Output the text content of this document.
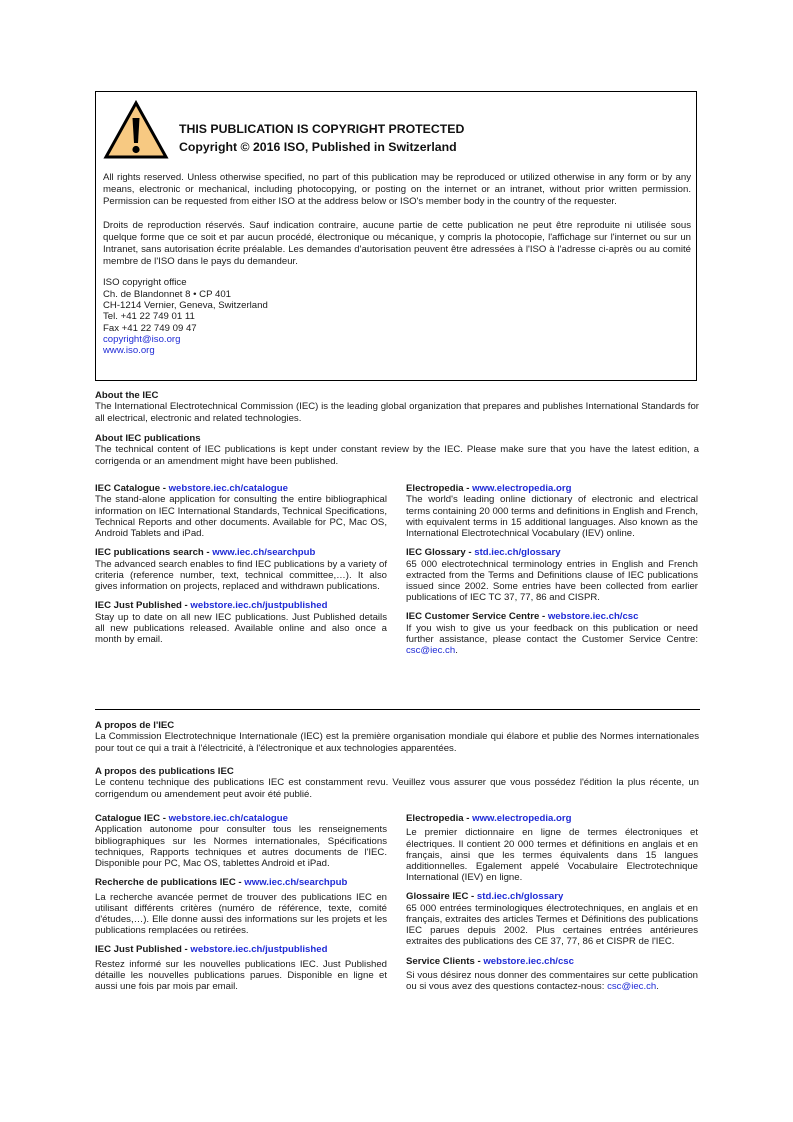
THIS PUBLICATION IS COPYRIGHT PROTECTED
Copyright © 2016 ISO, Published in Switzerland

All rights reserved. Unless otherwise specified, no part of this publication may be reproduced or utilized otherwise in any form or by any means, electronic or mechanical, including photocopying, or posting on the internet or an intranet, without prior written permission. Permission can be requested from either ISO at the address below or ISO's member body in the country of the requester.

Droits de reproduction réservés. Sauf indication contraire, aucune partie de cette publication ne peut être reproduite ni utilisée sous quelque forme que ce soit et par aucun procédé, électronique ou mécanique, y compris la photocopie, l'affichage sur l'internet ou sur un Intranet, sans autorisation écrite préalable. Les demandes d'autorisation peuvent être adressées à l'ISO à l'adresse ci-après ou au comité membre de l'ISO dans le pays du demandeur.

ISO copyright office
Ch. de Blandonnet 8 • CP 401
CH-1214 Vernier, Geneva, Switzerland
Tel. +41 22 749 01 11
Fax +41 22 749 09 47
copyright@iso.org
www.iso.org
About the IEC

The International Electrotechnical Commission (IEC) is the leading global organization that prepares and publishes International Standards for all electrical, electronic and related technologies.

About IEC publications

The technical content of IEC publications is kept under constant review by the IEC. Please make sure that you have the latest edition, a corrigenda or an amendment might have been published.

IEC Catalogue - webstore.iec.ch/catalogue

The stand-alone application for consulting the entire bibliographical information on IEC International Standards, Technical Specifications, Technical Reports and other documents. Available for PC, Mac OS, Android Tablets and iPad.

IEC publications search - www.iec.ch/searchpub

The advanced search enables to find IEC publications by a variety of criteria (reference number, text, technical committee,…). It also gives information on projects, replaced and withdrawn publications.

IEC Just Published - webstore.iec.ch/justpublished

Stay up to date on all new IEC publications. Just Published details all new publications released. Available online and also once a month by email.

Electropedia - www.electropedia.org

The world's leading online dictionary of electronic and electrical terms containing 20 000 terms and definitions in English and French, with equivalent terms in 15 additional languages. Also known as the International Electrotechnical Vocabulary (IEV) online.

IEC Glossary - std.iec.ch/glossary

65 000 electrotechnical terminology entries in English and French extracted from the Terms and Definitions clause of IEC publications issued since 2002. Some entries have been collected from earlier publications of IEC TC 37, 77, 86 and CISPR.

IEC Customer Service Centre - webstore.iec.ch/csc

If you wish to give us your feedback on this publication or need further assistance, please contact the Customer Service Centre: csc@iec.ch.

A propos de l'IEC

La Commission Electrotechnique Internationale (IEC) est la première organisation mondiale qui élabore et publie des Normes internationales pour tout ce qui a trait à l'électricité, à l'électronique et aux technologies apparentées.

A propos des publications IEC

Le contenu technique des publications IEC est constamment revu. Veuillez vous assurer que vous possédez l'édition la plus récente, un corrigendum ou amendement peut avoir été publié.

Catalogue IEC - webstore.iec.ch/catalogue

Application autonome pour consulter tous les renseignements bibliographiques sur les Normes internationales, Spécifications techniques, Rapports techniques et autres documents de l'IEC. Disponible pour PC, Mac OS, tablettes Android et iPad.

Recherche de publications IEC - www.iec.ch/searchpub

La recherche avancée permet de trouver des publications IEC en utilisant différents critères (numéro de référence, texte, comité d'études,…). Elle donne aussi des informations sur les projets et les publications remplacées ou retirées.

IEC Just Published - webstore.iec.ch/justpublished

Restez informé sur les nouvelles publications IEC. Just Published détaille les nouvelles publications parues. Disponible en ligne et aussi une fois par mois par email.

Electropedia - www.electropedia.org

Le premier dictionnaire en ligne de termes électroniques et électriques. Il contient 20 000 termes et définitions en anglais et en français, ainsi que les termes équivalents dans 15 langues additionnelles. Egalement appelé Vocabulaire Electrotechnique International (IEV) en ligne.

Glossaire IEC - std.iec.ch/glossary

65 000 entrées terminologiques électrotechniques, en anglais et en français, extraites des articles Termes et Définitions des publications IEC parues depuis 2002. Plus certaines entrées antérieures extraites des publications des CE 37, 77, 86 et CISPR de l'IEC.

Service Clients - webstore.iec.ch/csc

Si vous désirez nous donner des commentaires sur cette publication ou si vous avez des questions contactez-nous: csc@iec.ch.
